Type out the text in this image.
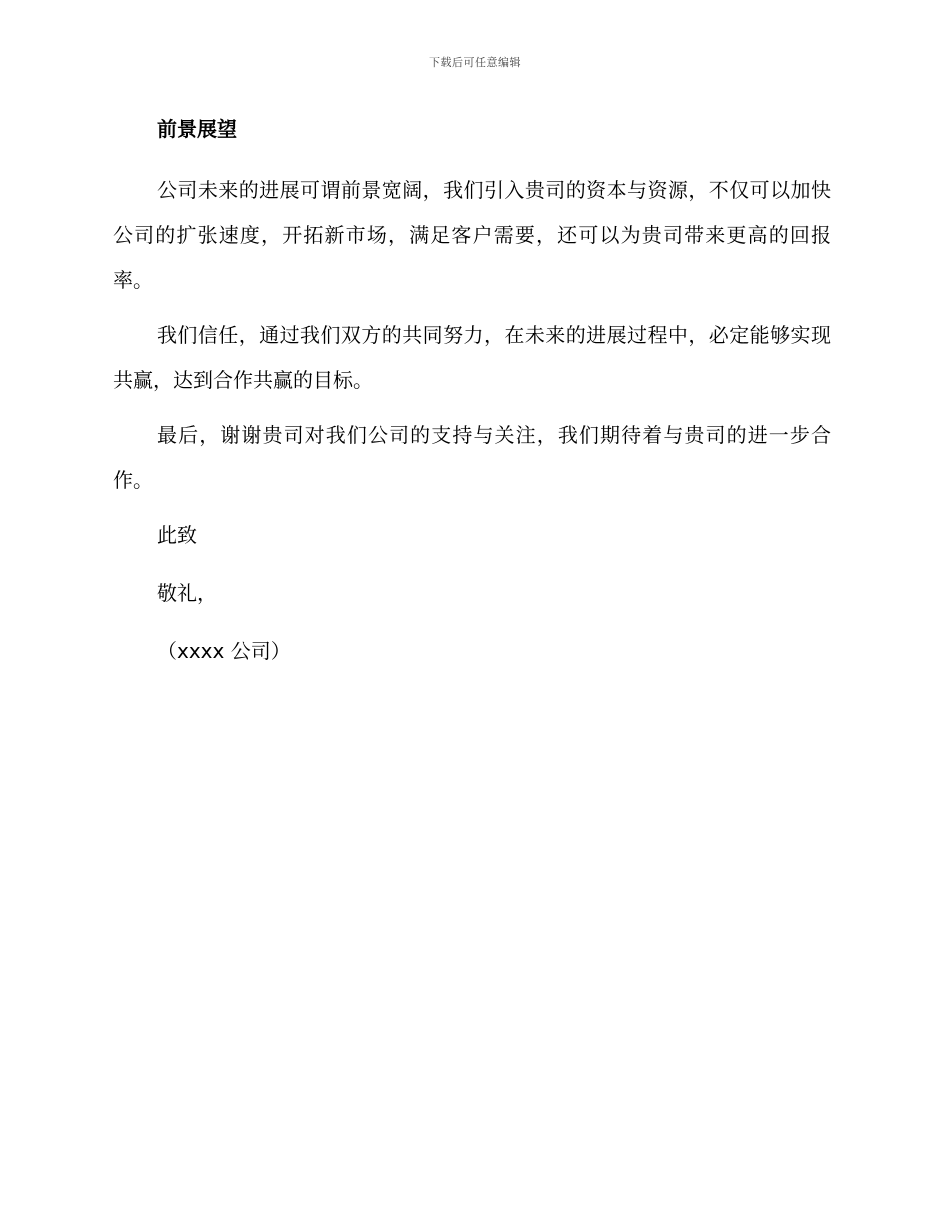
下载后可任意编辑
前景展望

公司未来的进展可谓前景宽阔，我们引入贵司的资本与资源，不仅可以加快公司的扩张速度，开拓新市场，满足客户需要，还可以为贵司带来更高的回报率。

我们信任，通过我们双方的共同努力，在未来的进展过程中，必定能够实现共赢，达到合作共赢的目标。

最后，谢谢贵司对我们公司的支持与关注，我们期待着与贵司的进一步合作。

此致
敬礼，
（xxxx 公司）
